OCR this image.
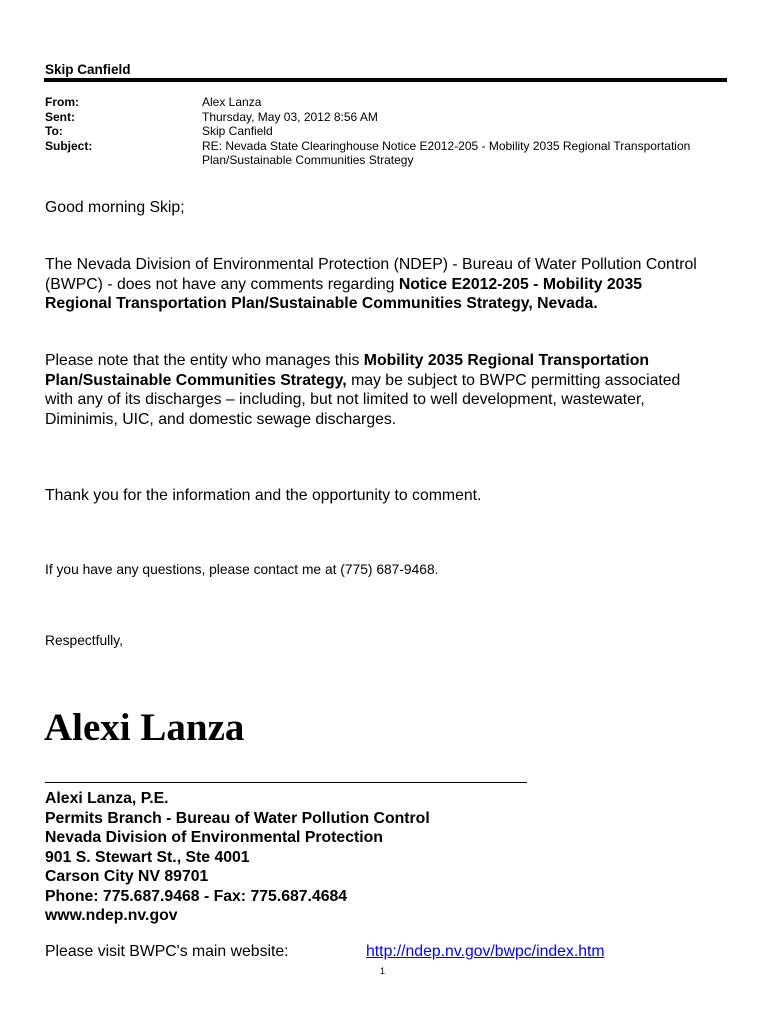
Skip Canfield
From:
Sent:
To:
Subject:
Alex Lanza
Thursday, May 03, 2012 8:56 AM
Skip Canfield
RE: Nevada State Clearinghouse Notice E2012-205 - Mobility 2035 Regional Transportation
Plan/Sustainable Communities Strategy
Good morning Skip;
The Nevada Division of Environmental Protection (NDEP) - Bureau of Water Pollution Control
(BWPC) - does not have any comments regarding Notice E2012-205 - Mobility 2035
Regional Transportation Plan/Sustainable Communities Strategy, Nevada.
Please note that the entity who manages this Mobility 2035 Regional Transportation
Plan/Sustainable Communities Strategy, may be subject to BWPC permitting associated
with any of its discharges – including, but not limited to well development, wastewater,
Diminimis, UIC, and domestic sewage discharges.
Thank you for the information and the opportunity to comment.
If you have any questions, please contact me at (775) 687-9468.
Respectfully,
Alexi Lanza
Alexi Lanza, P.E.
Permits Branch - Bureau of Water Pollution Control
Nevada Division of Environmental Protection
901 S. Stewart St., Ste 4001
Carson City NV 89701
Phone: 775.687.9468 - Fax: 775.687.4684
www.ndep.nv.gov
Please visit BWPC's main website:	http://ndep.nv.gov/bwpc/index.htm
1
